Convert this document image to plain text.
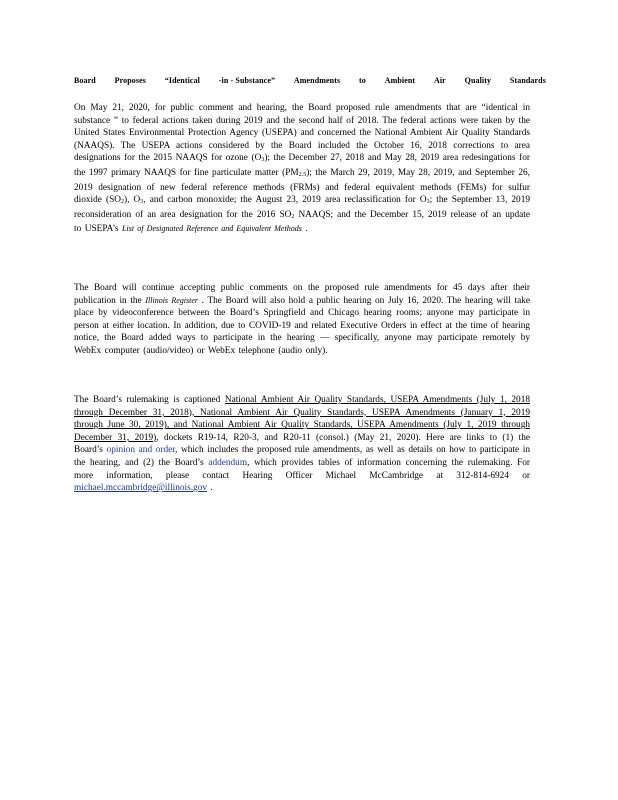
Board Proposes “Identical -in - Substance” Amendments to Ambient Air Quality Standards
On May 21, 2020, for public comment and hearing, the Board proposed rule amendments that are “identical in substance ” to federal actions taken during 2019 and the second half of 2018. The federal actions were taken by the United States Environmental Protection Agency (USEPA) and concerned the National Ambient Air Quality Standards (NAAQS). The USEPA actions considered by the Board included the October 16, 2018 corrections to area designations for the 2015 NAAQS for ozone $(O_3)$; the December 27, 2018 and May 28, 2019 area redesingations for the 1997 primary NAAQS for fine particulate matter $(PM_{2.5})$; the March 29, 2019, May 28, 2019, and September 26, 2019 designation of new federal reference methods (FRMs) and federal equivalent methods (FEMs) for sulfur dioxide $(SO_2)$, $O_3$, and carbon monoxide; the August 23, 2019 area reclassification for $O_3$; the September 13, 2019 reconsideration of an area designation for the 2016 $SO_2$ NAAQS; and the December 15, 2019 release of an update to USEPA’s List of Designated Reference and Equivalent Methods .
The Board will continue accepting public comments on the proposed rule amendments for 45 days after their publication in the Illinois Register . The Board will also hold a public hearing on July 16, 2020. The hearing will take place by videoconference between the Board’s Springfield and Chicago hearing rooms; anyone may participate in person at either location. In addition, due to COVID-19 and related Executive Orders in effect at the time of hearing notice, the Board added ways to participate in the hearing — specifically, anyone may participate remotely by WebEx computer (audio/video) or WebEx telephone (audio only).
The Board’s rulemaking is captioned National Ambient Air Quality Standards, USEPA Amendments (July 1, 2018 through December 31, 2018), National Ambient Air Quality Standards, USEPA Amendments (January 1, 2019 through June 30, 2019), and National Ambient Air Quality Standards, USEPA Amendments (July 1, 2019 through December 31, 2019), dockets R19-14, R20-3, and R20-11 (consol.) (May 21, 2020). Here are links to (1) the Board’s opinion and order, which includes the proposed rule amendments, as well as details on how to participate in the hearing, and (2) the Board’s addendum, which provides tables of information concerning the rulemaking. For more information, please contact Hearing Officer Michael McCambridge at 312-814-6924 or michael.mccambridge@illinois.gov .
